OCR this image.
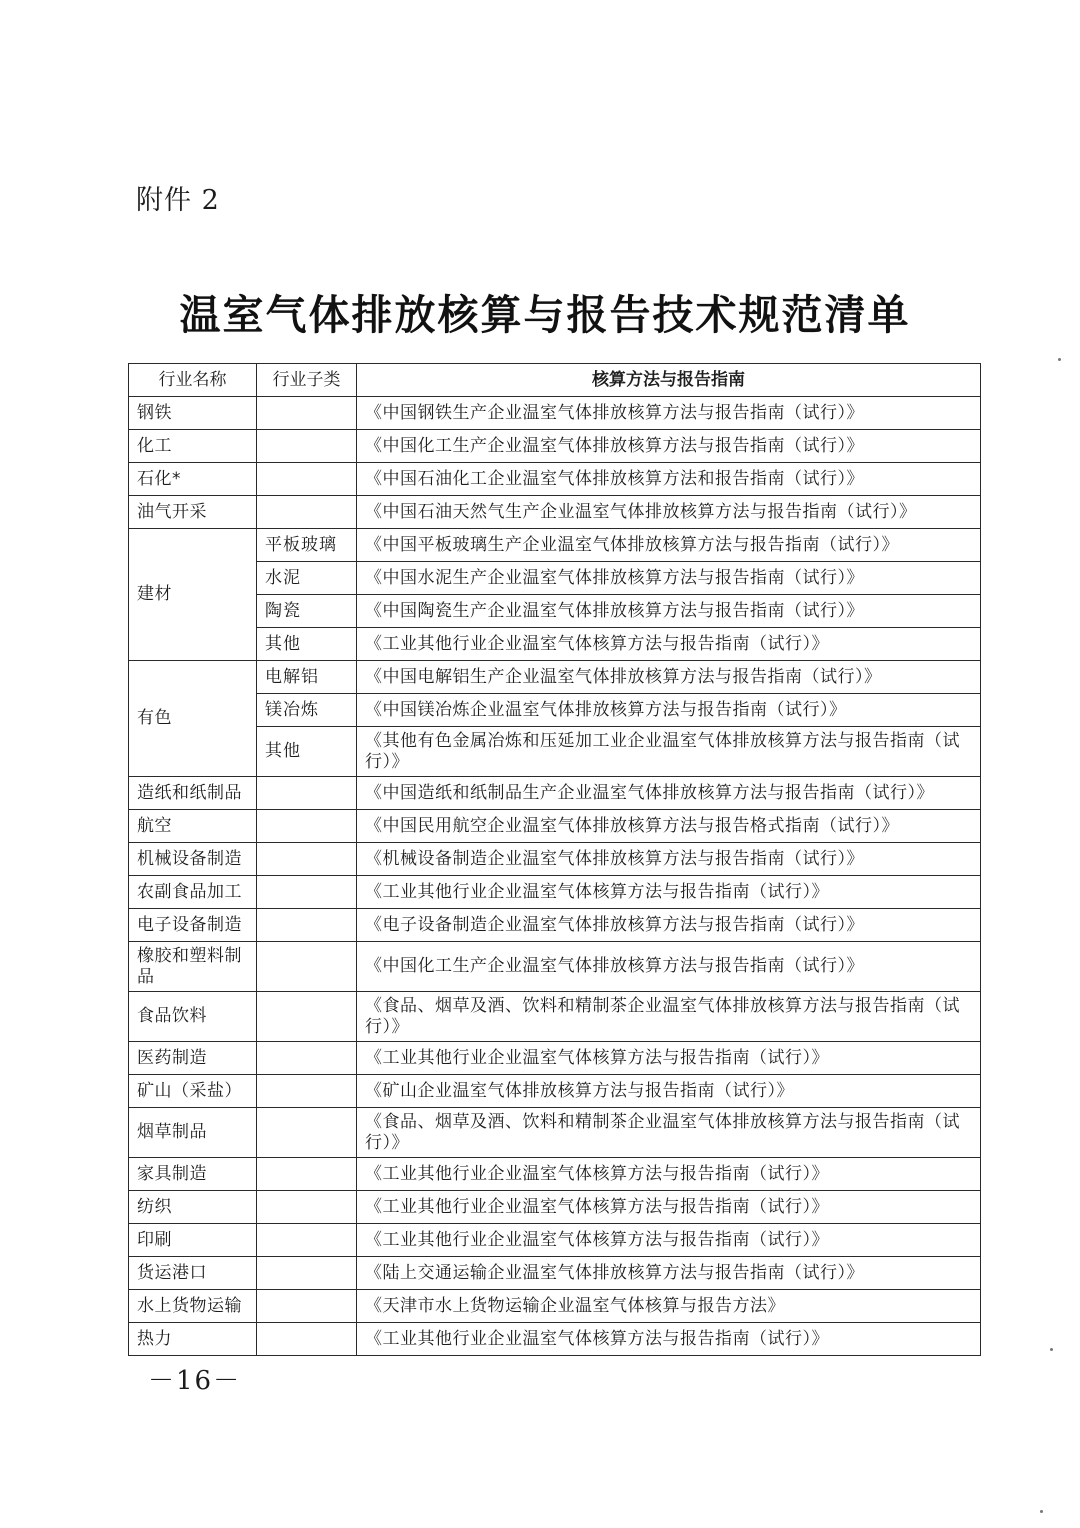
附件 2
温室气体排放核算与报告技术规范清单
行业名称	行业子类	核算方法与报告指南
钢铁		《中国钢铁生产企业温室气体排放核算方法与报告指南（试行）》
化工		《中国化工生产企业温室气体排放核算方法与报告指南（试行）》
石化*		《中国石油化工企业温室气体排放核算方法和报告指南（试行）》
油气开采		《中国石油天然气生产企业温室气体排放核算方法与报告指南（试行）》
建材	平板玻璃	《中国平板玻璃生产企业温室气体排放核算方法与报告指南（试行）》
	水泥	《中国水泥生产企业温室气体排放核算方法与报告指南（试行）》
	陶瓷	《中国陶瓷生产企业温室气体排放核算方法与报告指南（试行）》
	其他	《工业其他行业企业温室气体核算方法与报告指南（试行）》
有色	电解铝	《中国电解铝生产企业温室气体排放核算方法与报告指南（试行）》
	镁冶炼	《中国镁冶炼企业温室气体排放核算方法与报告指南（试行）》
	其他	《其他有色金属冶炼和压延加工业企业温室气体排放核算方法与报告指南（试行）》
造纸和纸制品		《中国造纸和纸制品生产企业温室气体排放核算方法与报告指南（试行）》
航空		《中国民用航空企业温室气体排放核算方法与报告格式指南（试行）》
机械设备制造		《机械设备制造企业温室气体排放核算方法与报告指南（试行）》
农副食品加工		《工业其他行业企业温室气体核算方法与报告指南（试行）》
电子设备制造		《电子设备制造企业温室气体排放核算方法与报告指南（试行）》
橡胶和塑料制品		《中国化工生产企业温室气体排放核算方法与报告指南（试行）》
食品饮料		《食品、烟草及酒、饮料和精制茶企业温室气体排放核算方法与报告指南（试行）》
医药制造		《工业其他行业企业温室气体核算方法与报告指南（试行）》
矿山（采盐）		《矿山企业温室气体排放核算方法与报告指南（试行）》
烟草制品		《食品、烟草及酒、饮料和精制茶企业温室气体排放核算方法与报告指南（试行）》
家具制造		《工业其他行业企业温室气体核算方法与报告指南（试行）》
纺织		《工业其他行业企业温室气体核算方法与报告指南（试行）》
印刷		《工业其他行业企业温室气体核算方法与报告指南（试行）》
货运港口		《陆上交通运输企业温室气体排放核算方法与报告指南（试行）》
水上货物运输		《天津市水上货物运输企业温室气体核算与报告方法》
热力		《工业其他行业企业温室气体核算方法与报告指南（试行）》
－16－
